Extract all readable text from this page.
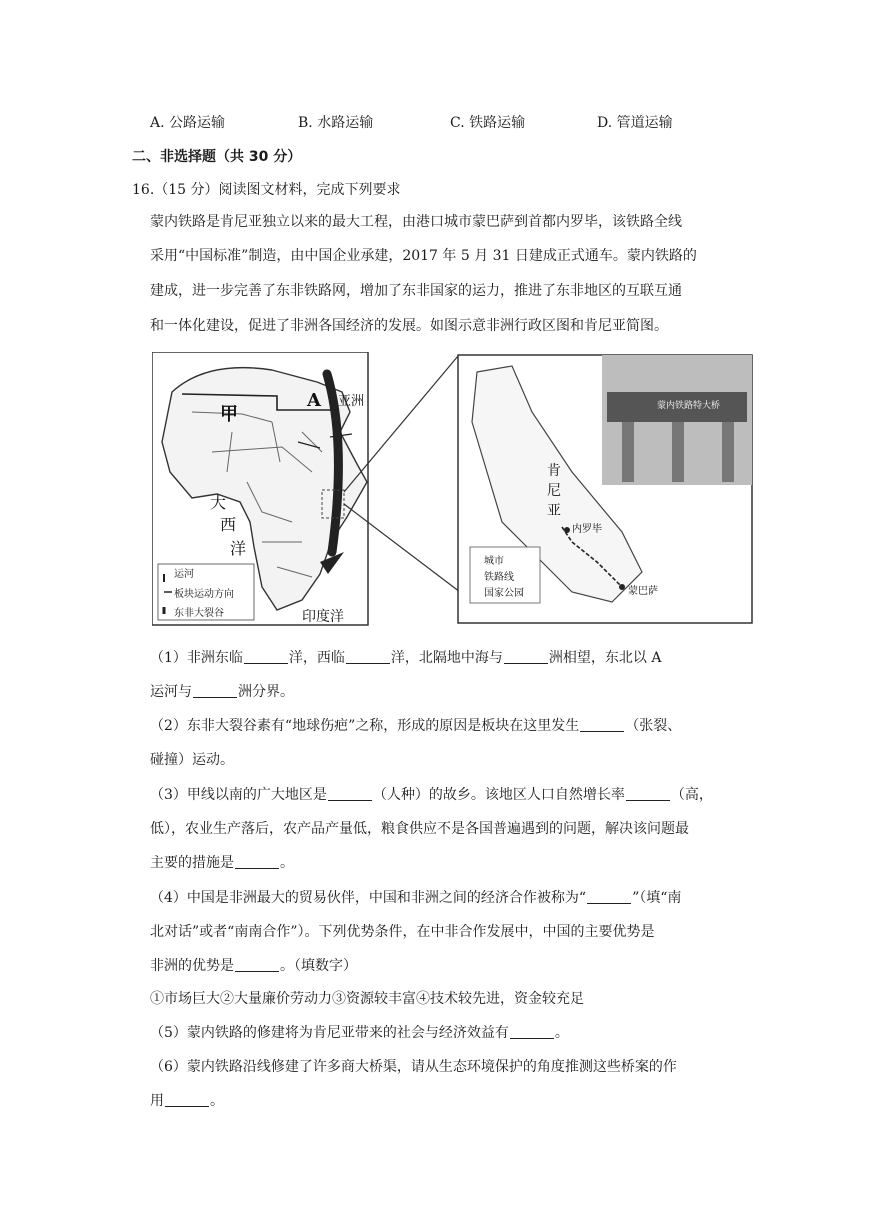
A. 公路运输	B. 水路运输	C. 铁路运输	D. 管道运输
二、非选择题（共 30 分）
16.（15 分）阅读图文材料，完成下列要求
蒙内铁路是肯尼亚独立以来的最大工程，由港口城市蒙巴萨到首都内罗毕，该铁路全线
采用“中国标准”制造，由中国企业承建，2017 年 5 月 31 日建成正式通车。蒙内铁路的
建成，进一步完善了东非铁路网，增加了东非国家的运力，推进了东非地区的互联互通
和一体化建设，促进了非洲各国经济的发展。如图示意非洲行政区图和肯尼亚简图。
甲
A 亚洲
大
西
洋
印度洋
运河
板块运动方向
东非大裂谷
肯
尼
亚
内罗毕
蒙巴萨
城市
铁路线
国家公园
蒙内铁路特大桥
（1）非洲东临	洋，西临	洋，北隔地中海与	洲相望，东北以 A
运河与	洲分界。
（2）东非大裂谷素有“地球伤疤”之称，形成的原因是板块在这里发生	（张裂、
碰撞）运动。
（3）甲线以南的广大地区是	（人种）的故乡。该地区人口自然增长率	（高，
低），农业生产落后，农产品产量低，粮食供应不是各国普遍遇到的问题，解决该问题最
主要的措施是	。
（4）中国是非洲最大的贸易伙伴，中国和非洲之间的经济合作被称为“	”（填“南
北对话”或者“南南合作”）。下列优势条件，在中非合作发展中，中国的主要优势是
非洲的优势是	。（填数字）
①市场巨大②大量廉价劳动力③资源较丰富④技术较先进，资金较充足
（5）蒙内铁路的修建将为肯尼亚带来的社会与经济效益有	。
（6）蒙内铁路沿线修建了许多商大桥渠，请从生态环境保护的角度推测这些桥案的作
用	。
